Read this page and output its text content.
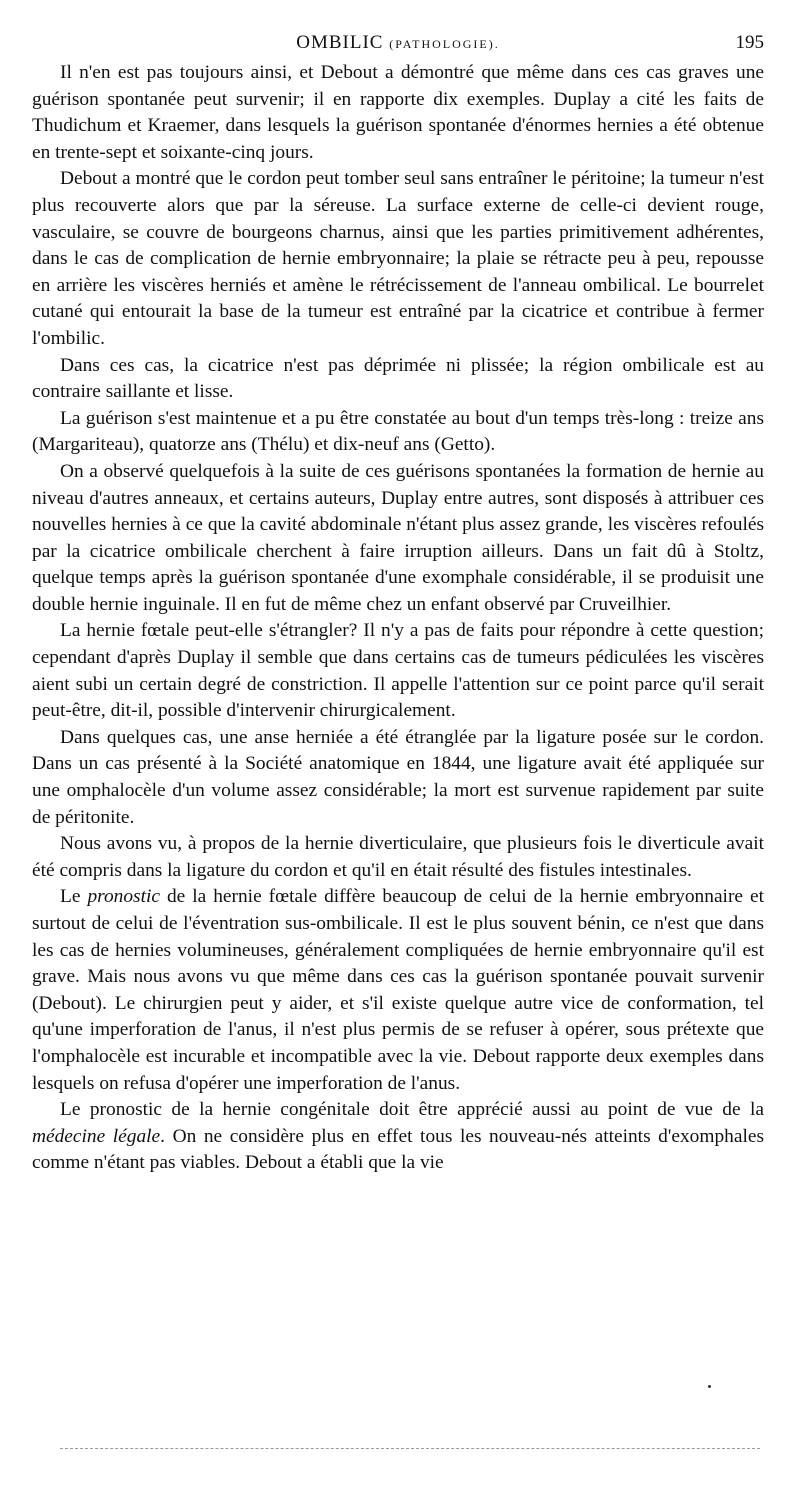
OMBILIC (PATHOLOGIE).	195

Il n'en est pas toujours ainsi, et Debout a démontré que même dans ces cas graves une guérison spontanée peut survenir; il en rapporte dix exemples. Duplay a cité les faits de Thudichum et Kraemer, dans lesquels la guérison spontanée d'énormes hernies a été obtenue en trente-sept et soixante-cinq jours.

Debout a montré que le cordon peut tomber seul sans entraîner le péritoine; la tumeur n'est plus recouverte alors que par la séreuse. La surface externe de celle-ci devient rouge, vasculaire, se couvre de bourgeons charnus, ainsi que les parties primitivement adhérentes, dans le cas de complication de hernie embryonnaire; la plaie se rétracte peu à peu, repousse en arrière les viscères herniés et amène le rétrécissement de l'anneau ombilical. Le bourrelet cutané qui entourait la base de la tumeur est entraîné par la cicatrice et contribue à fermer l'ombilic.

Dans ces cas, la cicatrice n'est pas déprimée ni plissée; la région ombilicale est au contraire saillante et lisse.

La guérison s'est maintenue et a pu être constatée au bout d'un temps très-long : treize ans (Margariteau), quatorze ans (Thélu) et dix-neuf ans (Getto).

On a observé quelquefois à la suite de ces guérisons spontanées la formation de hernie au niveau d'autres anneaux, et certains auteurs, Duplay entre autres, sont disposés à attribuer ces nouvelles hernies à ce que la cavité abdominale n'étant plus assez grande, les viscères refoulés par la cicatrice ombilicale cherchent à faire irruption ailleurs. Dans un fait dû à Stoltz, quelque temps après la guérison spontanée d'une exomphale considérable, il se produisit une double hernie inguinale. Il en fut de même chez un enfant observé par Cruveilhier.

La hernie fœtale peut-elle s'étrangler? Il n'y a pas de faits pour répondre à cette question; cependant d'après Duplay il semble que dans certains cas de tumeurs pédiculées les viscères aient subi un certain degré de constriction. Il appelle l'attention sur ce point parce qu'il serait peut-être, dit-il, possible d'intervenir chirurgicalement.

Dans quelques cas, une anse herniée a été étranglée par la ligature posée sur le cordon. Dans un cas présenté à la Société anatomique en 1844, une ligature avait été appliquée sur une omphalocèle d'un volume assez considérable; la mort est survenue rapidement par suite de péritonite.

Nous avons vu, à propos de la hernie diverticulaire, que plusieurs fois le diverticule avait été compris dans la ligature du cordon et qu'il en était résulté des fistules intestinales.

Le pronostic de la hernie fœtale diffère beaucoup de celui de la hernie embryonnaire et surtout de celui de l'éventration sus-ombilicale. Il est le plus souvent bénin, ce n'est que dans les cas de hernies volumineuses, généralement compliquées de hernie embryonnaire qu'il est grave. Mais nous avons vu que même dans ces cas la guérison spontanée pouvait survenir (Debout). Le chirurgien peut y aider, et s'il existe quelque autre vice de conformation, tel qu'une imperforation de l'anus, il n'est plus permis de se refuser à opérer, sous prétexte que l'omphalocèle est incurable et incompatible avec la vie. Debout rapporte deux exemples dans lesquels on refusa d'opérer une imperforation de l'anus.

Le pronostic de la hernie congénitale doit être apprécié aussi au point de vue de la médecine légale. On ne considère plus en effet tous les nouveau-nés atteints d'exomphales comme n'étant pas viables. Debout a établi que la vie
